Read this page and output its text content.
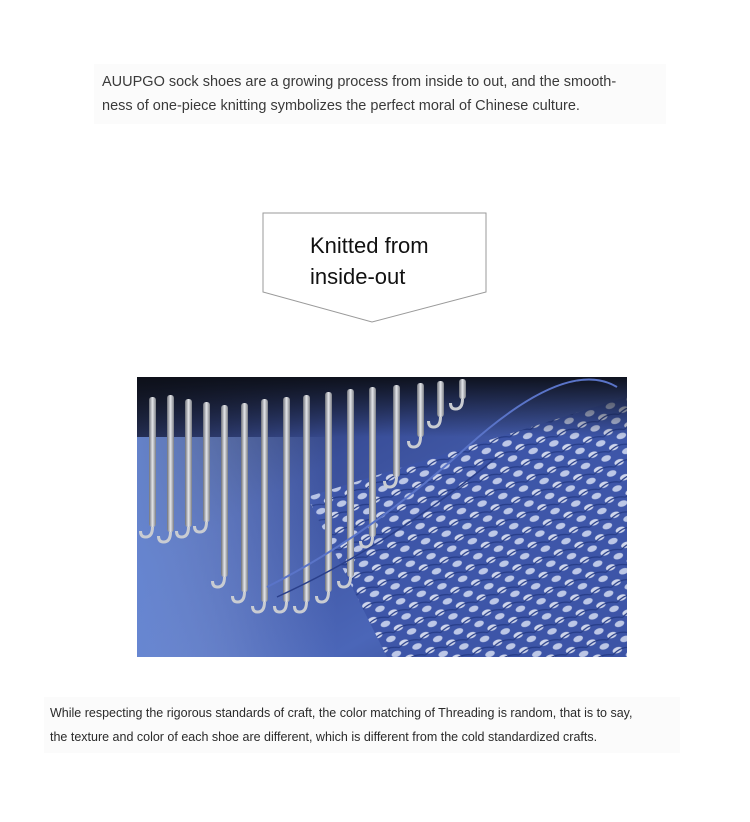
AUUPGO sock shoes are a growing process from inside to out, and the smooth-
ness of one-piece knitting symbolizes the perfect moral of Chinese culture.
Knitted from
inside-out
While respecting the rigorous standards of craft, the color matching of Threading is random, that is to say,
the texture and color of each shoe are different, which is different from the cold standardized crafts.
